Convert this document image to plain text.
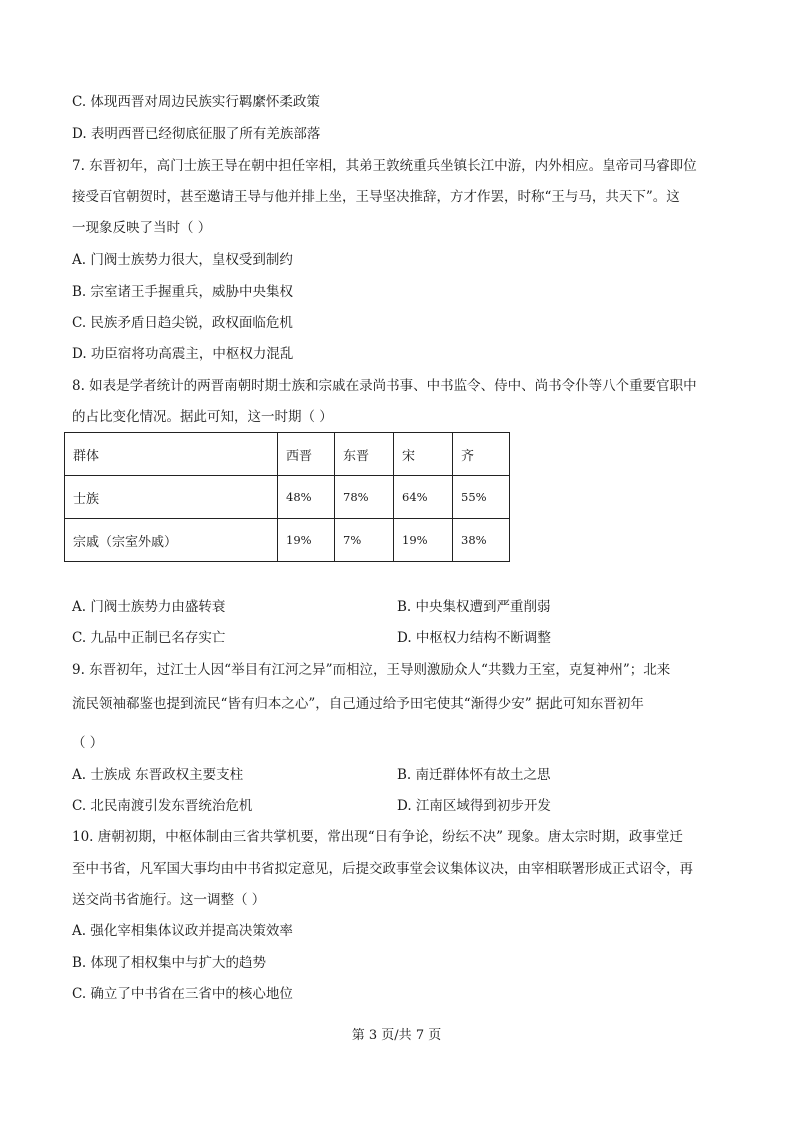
C. 体现西晋对周边民族实行羁縻怀柔政策
D. 表明西晋已经彻底征服了所有羌族部落
7. 东晋初年，高门士族王导在朝中担任宰相，其弟王敦统重兵坐镇长江中游，内外相应。皇帝司马睿即位
接受百官朝贺时，甚至邀请王导与他并排上坐，王导坚决推辞，方才作罢，时称“王与马，共天下”。这
一现象反映了当时（ ）
A. 门阀士族势力很大，皇权受到制约
B. 宗室诸王手握重兵，威胁中央集权
C. 民族矛盾日趋尖锐，政权面临危机
D. 功臣宿将功高震主，中枢权力混乱
8. 如表是学者统计的两晋南朝时期士族和宗戚在录尚书事、中书监令、侍中、尚书令仆等八个重要官职中
的占比变化情况。据此可知，这一时期（ ）
群体	西晋	东晋	宋	齐
士族	48%	78%	64%	55%
宗戚（宗室外戚）	19%	7%	19%	38%
A. 门阀士族势力由盛转衰	B. 中央集权遭到严重削弱
C. 九品中正制已名存实亡	D. 中枢权力结构不断调整
9. 东晋初年，过江士人因“举目有江河之异”而相泣，王导则激励众人“共戮力王室，克复神州”；北来
流民领袖郗鉴也提到流民“皆有归本之心”，自己通过给予田宅使其“渐得少安” 据此可知东晋初年
（ ）
A. 士族成 东晋政权主要支柱	B. 南迁群体怀有故土之思
C. 北民南渡引发东晋统治危机	D. 江南区域得到初步开发
10. 唐朝初期，中枢体制由三省共掌机要，常出现“日有争论，纷纭不决” 现象。唐太宗时期，政事堂迁
至中书省，凡军国大事均由中书省拟定意见，后提交政事堂会议集体议决，由宰相联署形成正式诏令，再
送交尚书省施行。这一调整（ ）
A. 强化宰相集体议政并提高决策效率
B. 体现了相权集中与扩大的趋势
C. 确立了中书省在三省中的核心地位
第 3 页/共 7 页
